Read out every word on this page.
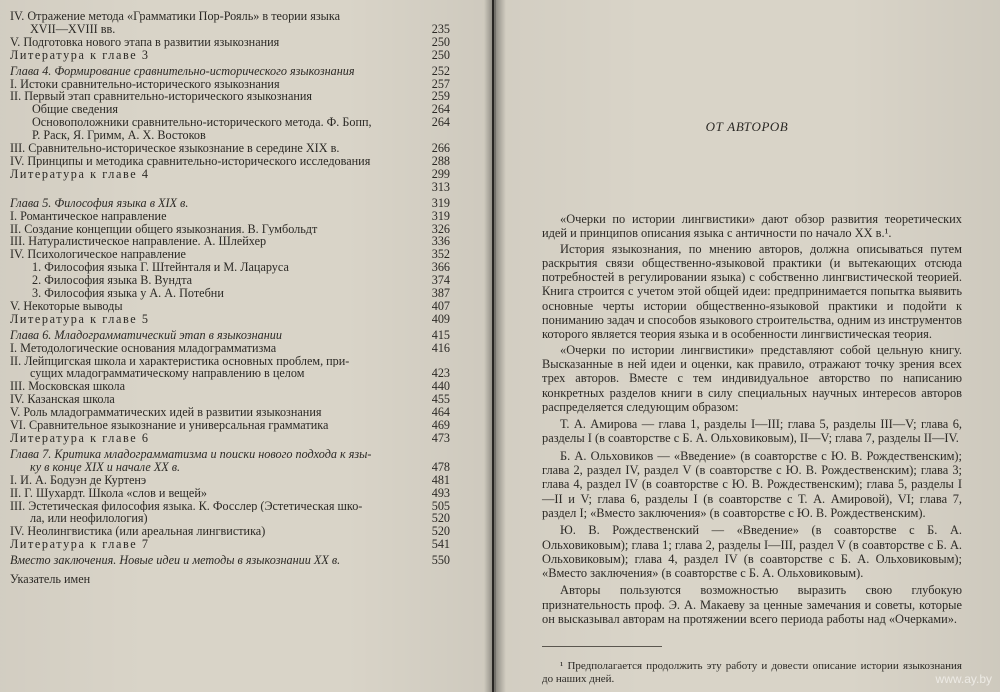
IV. Отражение метода «Грамматики Пор-Рояль» в теории языка
XVII—XVIII вв.	235
V. Подготовка нового этапа в развитии языкознания	250
Литература к главе 3	250
Глава 4. Формирование сравнительно-исторического языкознания	252
I. Истоки сравнительно-исторического языкознания	257
II. Первый этап сравнительно-исторического языкознания	259
Общие сведения	264
Основоположники сравнительно-исторического метода. Ф. Бопп,	264
Р. Раск, Я. Гримм, А. Х. Востоков
III. Сравнительно-историческое языкознание в середине XIX в.	266
IV. Принципы и методика сравнительно-исторического исследования	288
Литература к главе 4	299
313
Глава 5. Философия языка в XIX в.	319
I. Романтическое направление	319
II. Создание концепции общего языкознания. В. Гумбольдт	326
III. Натуралистическое направление. А. Шлейхер	336
IV. Психологическое направление	352
1. Философия языка Г. Штейнталя и М. Лацаруса	366
2. Философия языка В. Вундта	374
3. Философия языка у А. А. Потебни	387
V. Некоторые выводы	407
Литература к главе 5	409
Глава 6. Младограмматический этап в языкознании	415
I. Методологические основания младограмматизма	416
II. Лейпцигская школа и характеристика основных проблем, при-
сущих младограмматическому направлению в целом	423
III. Московская школа	440
IV. Казанская школа	455
V. Роль младограмматических идей в развитии языкознания	464
VI. Сравнительное языкознание и универсальная грамматика	469
Литература к главе 6	473
Глава 7. Критика младограмматизма и поиски нового подхода к язы-
ку в конце XIX и начале XX в.	478
I. И. А. Бодуэн де Куртенэ	481
II. Г. Шухардт. Школа «слов и вещей»	493
III. Эстетическая философия языка. К. Фосслер (Эстетическая шко-	505
ла, или неофилология)	520
IV. Неолингвистика (или ареальная лингвистика)	520
Литература к главе 7	541
Вместо заключения. Новые идеи и методы в языкознании XX в.	550
Указатель имен
ОТ АВТОРОВ

«Очерки по истории лингвистики» дают обзор развития теоретических идей и принципов описания языка с античности по начало XX в.¹.

История языкознания, по мнению авторов, должна описываться путем раскрытия связи общественно-языковой практики (и вытекающих отсюда потребностей в регулировании языка) с собственно лингвистической теорией. Книга строится с учетом этой общей идеи: предпринимается попытка выявить основные черты истории общественно-языковой практики и подойти к пониманию задач и способов языкового строительства, одним из инструментов которого является теория языка и в особенности лингвистическая теория.

«Очерки по истории лингвистики» представляют собой цельную книгу. Высказанные в ней идеи и оценки, как правило, отражают точку зрения всех трех авторов. Вместе с тем индивидуальное авторство по написанию конкретных разделов книги в силу специальных научных интересов авторов распределяется следующим образом:

Т. А. Амирова — глава 1, разделы I—III; глава 5, разделы III—V; глава 6, разделы I (в соавторстве с Б. А. Ольховиковым), II—V; глава 7, разделы II—IV.

Б. А. Ольховиков — «Введение» (в соавторстве с Ю. В. Рождественским); глава 2, раздел IV, раздел V (в соавторстве с Ю. В. Рождественским); глава 3; глава 4, раздел IV (в соавторстве с Ю. В. Рождественским); глава 5, разделы I—II и V; глава 6, разделы I (в соавторстве с Т. А. Амировой), VI; глава 7, раздел I; «Вместо заключения» (в соавторстве с Ю. В. Рождественским).

Ю. В. Рождественский — «Введение» (в соавторстве с Б. А. Ольховиковым); глава 1; глава 2, разделы I—III, раздел V (в соавторстве с Б. А. Ольховиковым); глава 4, раздел IV (в соавторстве с Б. А. Ольховиковым); «Вместо заключения» (в соавторстве с Б. А. Ольховиковым).

Авторы пользуются возможностью выразить свою глубокую признательность проф. Э. А. Макаеву за ценные замечания и советы, которые он высказывал авторам на протяжении всего периода работы над «Очерками».

¹ Предполагается продолжить эту работу и довести описание истории языкознания до наших дней.	www.ay.by
